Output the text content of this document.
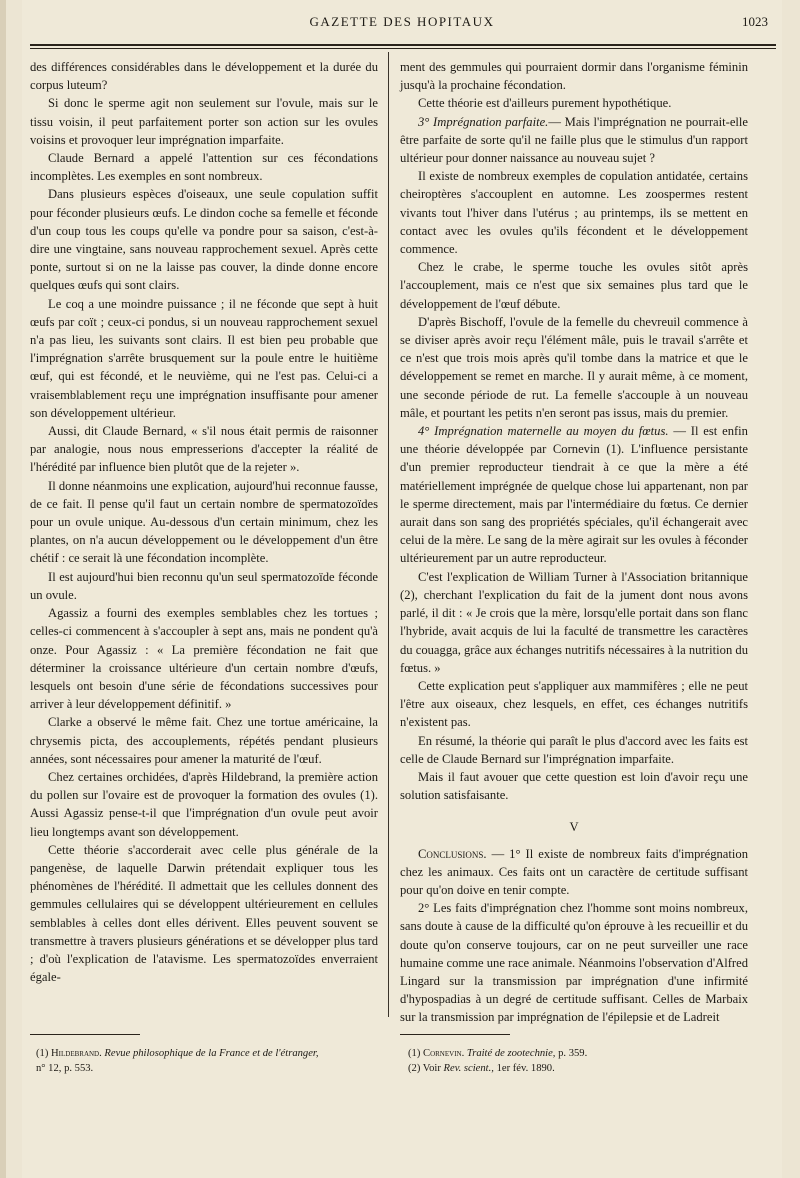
GAZETTE DES HOPITAUX	1023

des différences considérables dans le développement et la durée du corpus luteum?

Si donc le sperme agit non seulement sur l'ovule, mais sur le tissu voisin, il peut parfaitement porter son action sur les ovules voisins et provoquer leur imprégnation imparfaite.

Claude Bernard a appelé l'attention sur ces fécondations incomplètes. Les exemples en sont nombreux.

Dans plusieurs espèces d'oiseaux, une seule copulation suffit pour féconder plusieurs œufs. Le dindon coche sa femelle et féconde d'un coup tous les coups qu'elle va pondre pour sa saison, c'est-à-dire une vingtaine, sans nouveau rapprochement sexuel. Après cette ponte, surtout si on ne la laisse pas couver, la dinde donne encore quelques œufs qui sont clairs.

Le coq a une moindre puissance ; il ne féconde que sept à huit œufs par coït ; ceux-ci pondus, si un nouveau rapprochement sexuel n'a pas lieu, les suivants sont clairs. Il est bien peu probable que l'imprégnation s'arrête brusquement sur la poule entre le huitième œuf, qui est fécondé, et le neuvième, qui ne l'est pas. Celui-ci a vraisemblablement reçu une imprégnation insuffisante pour amener son développement ultérieur.

Aussi, dit Claude Bernard, « s'il nous était permis de raisonner par analogie, nous nous empresserions d'accepter la réalité de l'hérédité par influence bien plutôt que de la rejeter ».

Il donne néanmoins une explication, aujourd'hui reconnue fausse, de ce fait. Il pense qu'il faut un certain nombre de spermatozoïdes pour un ovule unique. Au-dessous d'un certain minimum, chez les plantes, on n'a aucun développement ou le développement d'un être chétif : ce serait là une fécondation incomplète.

Il est aujourd'hui bien reconnu qu'un seul spermatozoïde féconde un ovule.

Agassiz a fourni des exemples semblables chez les tortues ; celles-ci commencent à s'accoupler à sept ans, mais ne pondent qu'à onze. Pour Agassiz : « La première fécondation ne fait que déterminer la croissance ultérieure d'un certain nombre d'œufs, lesquels ont besoin d'une série de fécondations successives pour arriver à leur développement définitif. »

Clarke a observé le même fait. Chez une tortue américaine, la chrysemis picta, des accouplements, répétés pendant plusieurs années, sont nécessaires pour amener la maturité de l'œuf.

Chez certaines orchidées, d'après Hildebrand, la première action du pollen sur l'ovaire est de provoquer la formation des ovules (1). Aussi Agassiz pense-t-il que l'imprégnation d'un ovule peut avoir lieu longtemps avant son développement.

Cette théorie s'accorderait avec celle plus générale de la pangenèse, de laquelle Darwin prétendait expliquer tous les phénomènes de l'hérédité. Il admettait que les cellules donnent des gemmules cellulaires qui se développent ultérieurement en cellules semblables à celles dont elles dérivent. Elles peuvent souvent se transmettre à travers plusieurs générations et se développer plus tard ; d'où l'explication de l'atavisme. Les spermatozoïdes enverraient égale-

ment des gemmules qui pourraient dormir dans l'organisme féminin jusqu'à la prochaine fécondation.

Cette théorie est d'ailleurs purement hypothétique.

3° Imprégnation parfaite.— Mais l'imprégnation ne pourrait-elle être parfaite de sorte qu'il ne faille plus que le stimulus d'un rapport ultérieur pour donner naissance au nouveau sujet ?

Il existe de nombreux exemples de copulation antidatée, certains cheiroptères s'accouplent en automne. Les zoospermes restent vivants tout l'hiver dans l'utérus ; au printemps, ils se mettent en contact avec les ovules qu'ils fécondent et le développement commence.

Chez le crabe, le sperme touche les ovules sitôt après l'accouplement, mais ce n'est que six semaines plus tard que le développement de l'œuf débute.

D'après Bischoff, l'ovule de la femelle du chevreuil commence à se diviser après avoir reçu l'élément mâle, puis le travail s'arrête et ce n'est que trois mois après qu'il tombe dans la matrice et que le développement se remet en marche. Il y aurait même, à ce moment, une seconde période de rut. La femelle s'accouple à un nouveau mâle, et pourtant les petits n'en seront pas issus, mais du premier.

4° Imprégnation maternelle au moyen du fœtus. — Il est enfin une théorie développée par Cornevin (1). L'influence persistante d'un premier reproducteur tiendrait à ce que la mère a été matériellement imprégnée de quelque chose lui appartenant, non par le sperme directement, mais par l'intermédiaire du fœtus. Ce dernier aurait dans son sang des propriétés spéciales, qu'il échangerait avec celui de la mère. Le sang de la mère agirait sur les ovules à féconder ultérieurement par un autre reproducteur.

C'est l'explication de William Turner à l'Association britannique (2), cherchant l'explication du fait de la jument dont nous avons parlé, il dit : « Je crois que la mère, lorsqu'elle portait dans son flanc l'hybride, avait acquis de lui la faculté de transmettre les caractères du couagga, grâce aux échanges nutritifs nécessaires à la nutrition du fœtus. »

Cette explication peut s'appliquer aux mammifères ; elle ne peut l'être aux oiseaux, chez lesquels, en effet, ces échanges nutritifs n'existent pas.

En résumé, la théorie qui paraît le plus d'accord avec les faits est celle de Claude Bernard sur l'imprégnation imparfaite.

Mais il faut avouer que cette question est loin d'avoir reçu une solution satisfaisante.

V

Conclusions. — 1° Il existe de nombreux faits d'imprégnation chez les animaux. Ces faits ont un caractère de certitude suffisant pour qu'on doive en tenir compte.

2° Les faits d'imprégnation chez l'homme sont moins nombreux, sans doute à cause de la difficulté qu'on éprouve à les recueillir et du doute qu'on conserve toujours, car on ne peut surveiller une race humaine comme une race animale. Néanmoins l'observation d'Alfred Lingard sur la transmission par imprégnation d'une infirmité d'hypospadias à un degré de certitude suffisant. Celles de Marbaix sur la transmission par imprégnation de l'épilepsie et de Ladreit

(1) Hildebrand. Revue philosophique de la France et de l'étranger,
n° 12, p. 553.
(1) Cornevin. Traité de zootechnie, p. 359.
(2) Voir Rev. scient., 1er fév. 1890.
